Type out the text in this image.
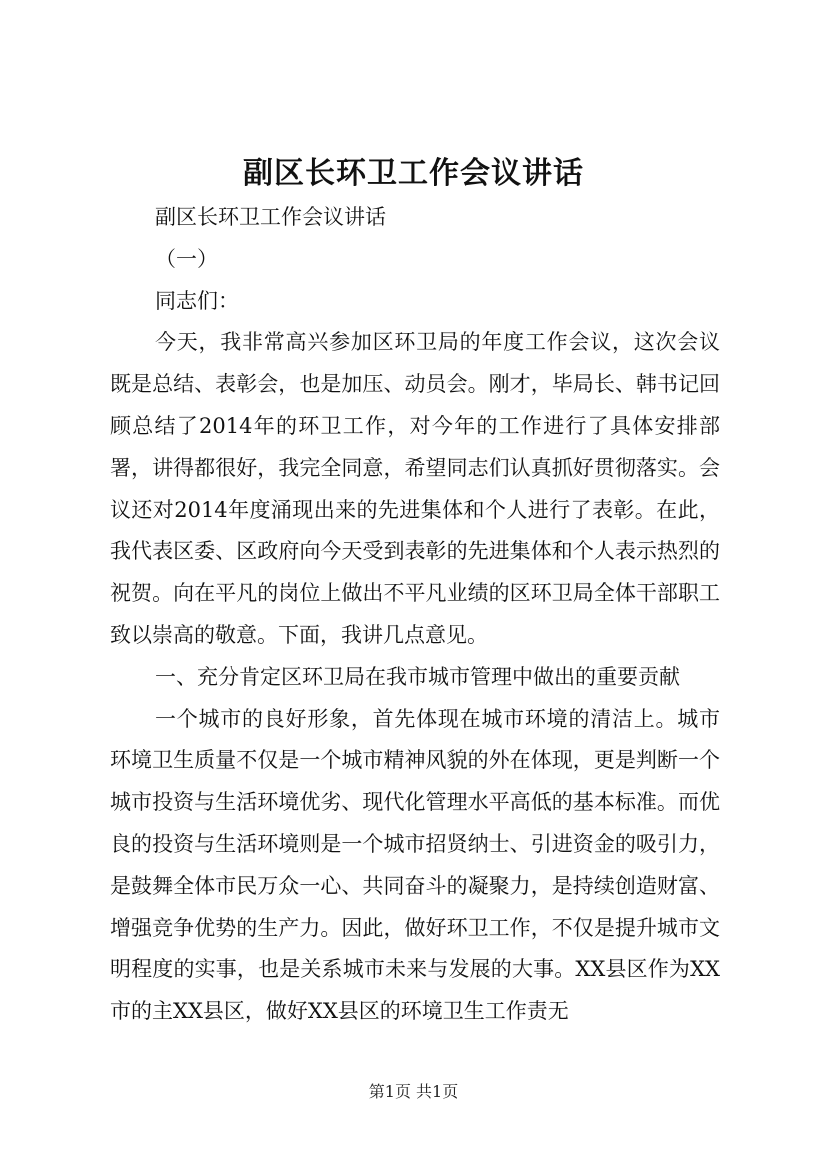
副区长环卫工作会议讲话

副区长环卫工作会议讲话

（一）

同志们：

今天，我非常高兴参加区环卫局的年度工作会议，这次会议既是总结、表彰会，也是加压、动员会。刚才，毕局长、韩书记回顾总结了2014年的环卫工作，对今年的工作进行了具体安排部署，讲得都很好，我完全同意，希望同志们认真抓好贯彻落实。会议还对2014年度涌现出来的先进集体和个人进行了表彰。在此，我代表区委、区政府向今天受到表彰的先进集体和个人表示热烈的祝贺。向在平凡的岗位上做出不平凡业绩的区环卫局全体干部职工致以崇高的敬意。下面，我讲几点意见。

一、充分肯定区环卫局在我市城市管理中做出的重要贡献

一个城市的良好形象，首先体现在城市环境的清洁上。城市环境卫生质量不仅是一个城市精神风貌的外在体现，更是判断一个城市投资与生活环境优劣、现代化管理水平高低的基本标准。而优良的投资与生活环境则是一个城市招贤纳士、引进资金的吸引力，是鼓舞全体市民万众一心、共同奋斗的凝聚力，是持续创造财富、增强竞争优势的生产力。因此，做好环卫工作，不仅是提升城市文明程度的实事，也是关系城市未来与发展的大事。XX县区作为XX市的主XX县区，做好XX县区的环境卫生工作责无

第1页 共1页
